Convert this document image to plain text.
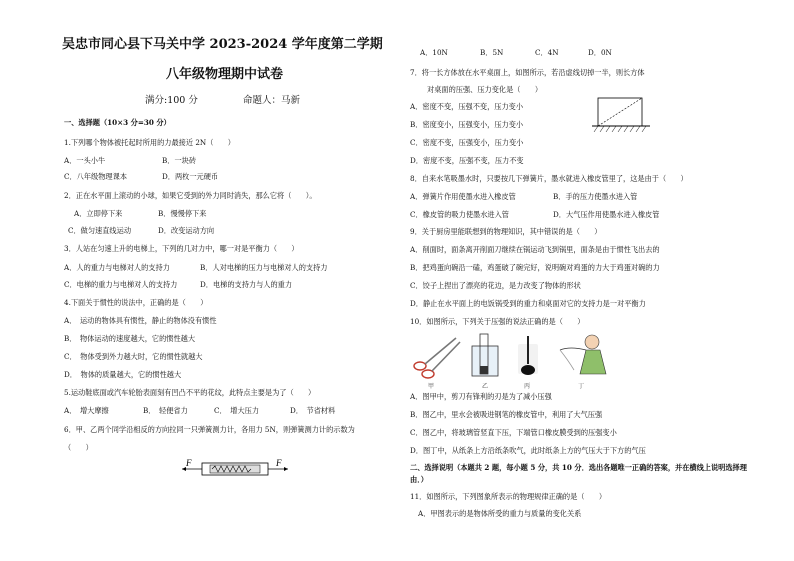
吴忠市同心县下马关中学 2023-2024 学年度第二学期
八年级物理期中试卷
满分:100 分	命题人：马新
一、选择题（10×3 分=30 分）
1.下列哪个物体被托起时所用的力最接近 2N（　　）
A．一头小牛	B．一块砖
C．八年级物理课本	D．两枚一元硬币
2．正在水平面上滚动的小球，如果它受到的外力同时消失，那么它将（　　）。
A．立即停下来	B．慢慢停下来
C．做匀速直线运动	D．改变运动方向
3．人站在匀速上升的电梯上，下列的几对力中，哪一对是平衡力（　　）
A．人的重力与电梯对人的支持力	B．人对电梯的压力与电梯对人的支持力
C．电梯的重力与电梯对人的支持力	D．电梯的支持力与人的重力
4.下面关于惯性的说法中，正确的是（　　）
A．　运动的物体具有惯性，静止的物体没有惯性
B．　物体运动的速度越大，它的惯性越大
C．　物体受到外力越大时，它的惯性就越大
D．　物体的质量越大，它的惯性越大
5.运动鞋底面或汽车轮胎表面刻有凹凸不平的花纹，此特点主要是为了（　　）
A．　增大摩擦	B．　轻便省力	C．　增大压力	D．　节省材料
6．甲、乙两个同学沿相反的方向拉同一只弹簧测力计，各用力 5N，则弹簧测力计的示数为
（　　）
F	F
A．10N	B．5N	C．4N	D．0N
7．将一长方体放在水平桌面上，如图所示，若沿虚线切掉一半，则长方体
对桌面的压强、压力变化是（　　）
A．密度不变，压强不变，压力变小
B．密度变小，压强变小，压力变小
C．密度不变，压强变小，压力变小
D．密度不变，压强不变，压力不变
8．自来水笔吸墨水时，只要按几下弹簧片，墨水就进入橡皮管里了，这是由于（　　）
A．弹簧片作用使墨水进入橡皮管	B．手的压力使墨水进入管
C．橡皮管的吸力使墨水进入管	D．大气压作用使墨水进入橡皮管
9．关于厨房里能联想到的物理知识，其中错误的是（　　）
A．削面时，面条离开削面刀继续在锅运动飞到锅里，面条是由于惯性飞出去的
B．把鸡蛋向碗沿一磕，鸡蛋破了碗完好，说明碗对鸡蛋的力大于鸡蛋对碗的力
C．饺子上捏出了漂亮的花边，是力改变了物体的形状
D．静止在水平面上的电饭锅受到的重力和桌面对它的支持力是一对平衡力
10．如图所示，下列关于压强的说法正确的是（　　）
甲	乙	丙	丁
A．图甲中，剪刀有锋利的刃是为了减小压强
B．图乙中，里水会被吸进钢笔的橡皮管中，利用了大气压强
C．图乙中，将玻璃管竖直下压，下端管口橡皮膜受到的压强变小
D．图丁中，从纸条上方沿纸条吹气，此时纸条上方的气压大于下方的气压
二、选择说明（本题共 2 题，每小题 5 分，共 10 分．选出各题唯一正确的答案，并在横线上说明选择理由．）
11．如图所示，下列图象所表示的物理规律正确的是（　　）
A．甲图表示的是物体所受的重力与质量的变化关系
